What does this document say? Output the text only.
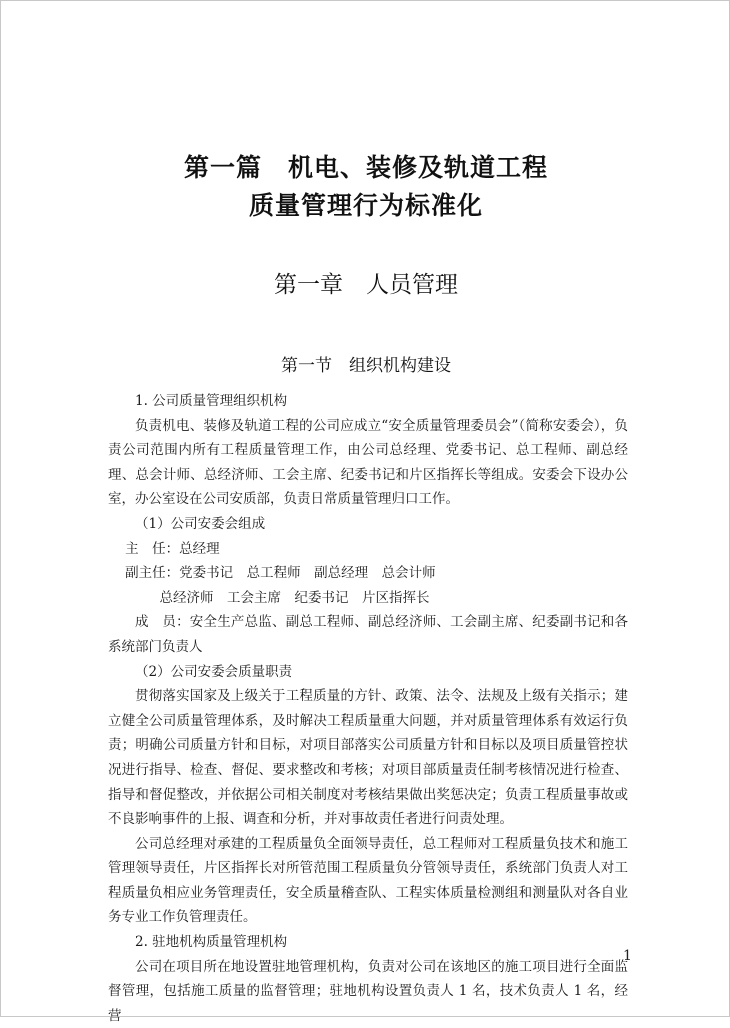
第一篇　机电、装修及轨道工程
质量管理行为标准化
第一章　人员管理
第一节　组织机构建设

1. 公司质量管理组织机构

负责机电、装修及轨道工程的公司应成立“安全质量管理委员会”（简称安委会），负责公司范围内所有工程质量管理工作，由公司总经理、党委书记、总工程师、副总经理、总会计师、总经济师、工会主席、纪委书记和片区指挥长等组成。安委会下设办公室，办公室设在公司安质部，负责日常质量管理归口工作。

（1）公司安委会组成

主　任：总经理

副主任：党委书记　总工程师　副总经理　总会计师

总经济师　工会主席　纪委书记　片区指挥长

成　员：安全生产总监、副总工程师、副总经济师、工会副主席、纪委副书记和各系统部门负责人

（2）公司安委会质量职责

贯彻落实国家及上级关于工程质量的方针、政策、法令、法规及上级有关指示；建立健全公司质量管理体系，及时解决工程质量重大问题，并对质量管理体系有效运行负责；明确公司质量方针和目标，对项目部落实公司质量方针和目标以及项目质量管控状况进行指导、检查、督促、要求整改和考核；对项目部质量责任制考核情况进行检查、指导和督促整改，并依据公司相关制度对考核结果做出奖惩决定；负责工程质量事故或不良影响事件的上报、调查和分析，并对事故责任者进行问责处理。

公司总经理对承建的工程质量负全面领导责任，总工程师对工程质量负技术和施工管理领导责任，片区指挥长对所管范围工程质量负分管领导责任，系统部门负责人对工程质量负相应业务管理责任，安全质量稽查队、工程实体质量检测组和测量队对各自业务专业工作负管理责任。

2. 驻地机构质量管理机构

公司在项目所在地设置驻地管理机构，负责对公司在该地区的施工项目进行全面监督管理，包括施工质量的监督管理；驻地机构设置负责人 1 名，技术负责人 1 名，经营

1
